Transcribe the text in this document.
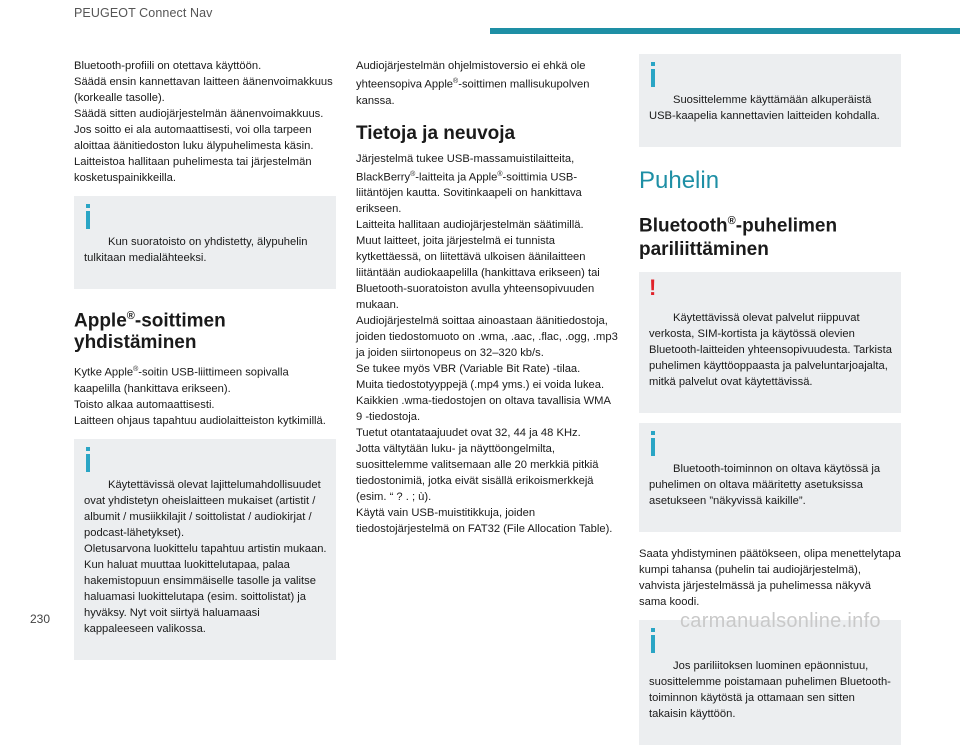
PEUGEOT Connect Nav

Bluetooth-profiili on otettava käyttöön.
Säädä ensin kannettavan laitteen äänenvoimakkuus (korkealle tasolle).
Säädä sitten audiojärjestelmän äänenvoimakkuus.
Jos soitto ei ala automaattisesti, voi olla tarpeen aloittaa äänitiedoston luku älypuhelimesta käsin.
Laitteistoa hallitaan puhelimesta tai järjestelmän kosketuspainikkeilla.

Kun suoratoisto on yhdistetty, älypuhelin tulkitaan medialähteeksi.

Apple®-soittimen
yhdistäminen

Kytke Apple®-soitin USB-liittimeen sopivalla kaapelilla (hankittava erikseen).
Toisto alkaa automaattisesti.
Laitteen ohjaus tapahtuu audiolaitteiston kytkimillä.

Käytettävissä olevat lajittelumahdollisuudet ovat yhdistetyn oheislaitteen mukaiset (artistit / albumit / musiikkilajit / soittolistat / audiokirjat / podcast-lähetykset).
Oletusarvona luokittelu tapahtuu artistin mukaan. Kun haluat muuttaa luokittelutapaa, palaa hakemistopuun ensimmäiselle tasolle ja valitse haluamasi luokittelutapa (esim. soittolistat) ja hyväksy. Nyt voit siirtyä haluamaasi kappaleeseen valikossa.

Audiojärjestelmän ohjelmistoversio ei ehkä ole yhteensopiva Apple®-soittimen mallisukupolven kanssa.

Tietoja ja neuvoja

Järjestelmä tukee USB-massamuistilaitteita, BlackBerry®-laitteita ja Apple®-soittimia USB-liitäntöjen kautta. Sovitinkaapeli on hankittava erikseen.
Laitteita hallitaan audiojärjestelmän säätimillä.
Muut laitteet, joita järjestelmä ei tunnista kytkettäessä, on liitettävä ulkoisen äänilaitteen liitäntään audiokaapelilla (hankittava erikseen) tai Bluetooth-suoratoiston avulla yhteensopivuuden mukaan.
Audiojärjestelmä soittaa ainoastaan äänitiedostoja, joiden tiedostomuoto on .wma, .aac, .flac, .ogg, .mp3 ja joiden siirtonopeus on 32–320 kb/s.
Se tukee myös VBR (Variable Bit Rate) -tilaa.
Muita tiedostotyyppejä (.mp4 yms.) ei voida lukea.
Kaikkien .wma-tiedostojen on oltava tavallisia WMA 9 -tiedostoja.
Tuetut otantataajuudet ovat 32, 44 ja 48 KHz.
Jotta vältytään luku- ja näyttöongelmilta, suosittelemme valitsemaan alle 20 merkkiä pitkiä tiedostonimiä, jotka eivät sisällä erikoismerkkejä (esim. “ ? . ; ù).
Käytä vain USB-muistitikkuja, joiden tiedostojärjestelmä on FAT32 (File Allocation Table).

Suosittelemme käyttämään alkuperäistä USB-kaapelia kannettavien laitteiden kohdalla.

Puhelin
Bluetooth®-puhelimen
pariliittäminen

!

Käytettävissä olevat palvelut riippuvat verkosta, SIM-kortista ja käytössä olevien Bluetooth-laitteiden yhteensopivuudesta. Tarkista puhelimen käyttöoppaasta ja palveluntarjoajalta, mitkä palvelut ovat käytettävissä.

Bluetooth-toiminnon on oltava käytössä ja puhelimen on oltava määritetty asetuksissa asetukseen ”näkyvissä kaikille”.

Saata yhdistyminen päätökseen, olipa menettelytapa kumpi tahansa (puhelin tai audiojärjestelmä), vahvista järjestelmässä ja puhelimessa näkyvä sama koodi.

Jos pariliitoksen luominen epäonnistuu, suosittelemme poistamaan puhelimen Bluetooth-toiminnon käytöstä ja ottamaan sen sitten takaisin käyttöön.

230	carmanualsonline.info
